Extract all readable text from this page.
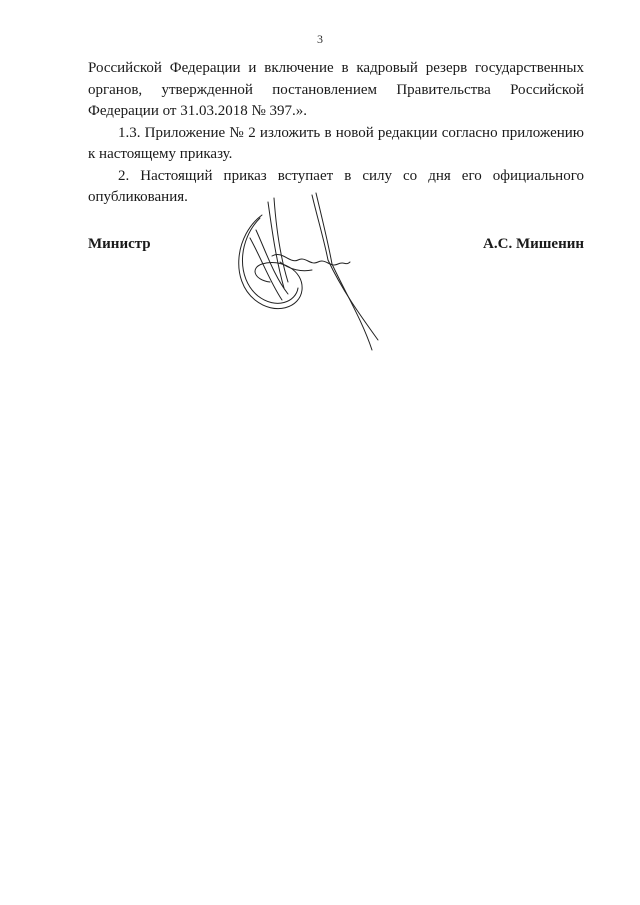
3

Российской Федерации и включение в кадровый резерв государственных органов, утвержденной постановлением Правительства Российской Федерации от 31.03.2018 № 397.».

1.3. Приложение № 2 изложить в новой редакции согласно приложению к настоящему приказу.

2. Настоящий приказ вступает в силу со дня его официального опубликования.

Министр	А.С. Мишенин
